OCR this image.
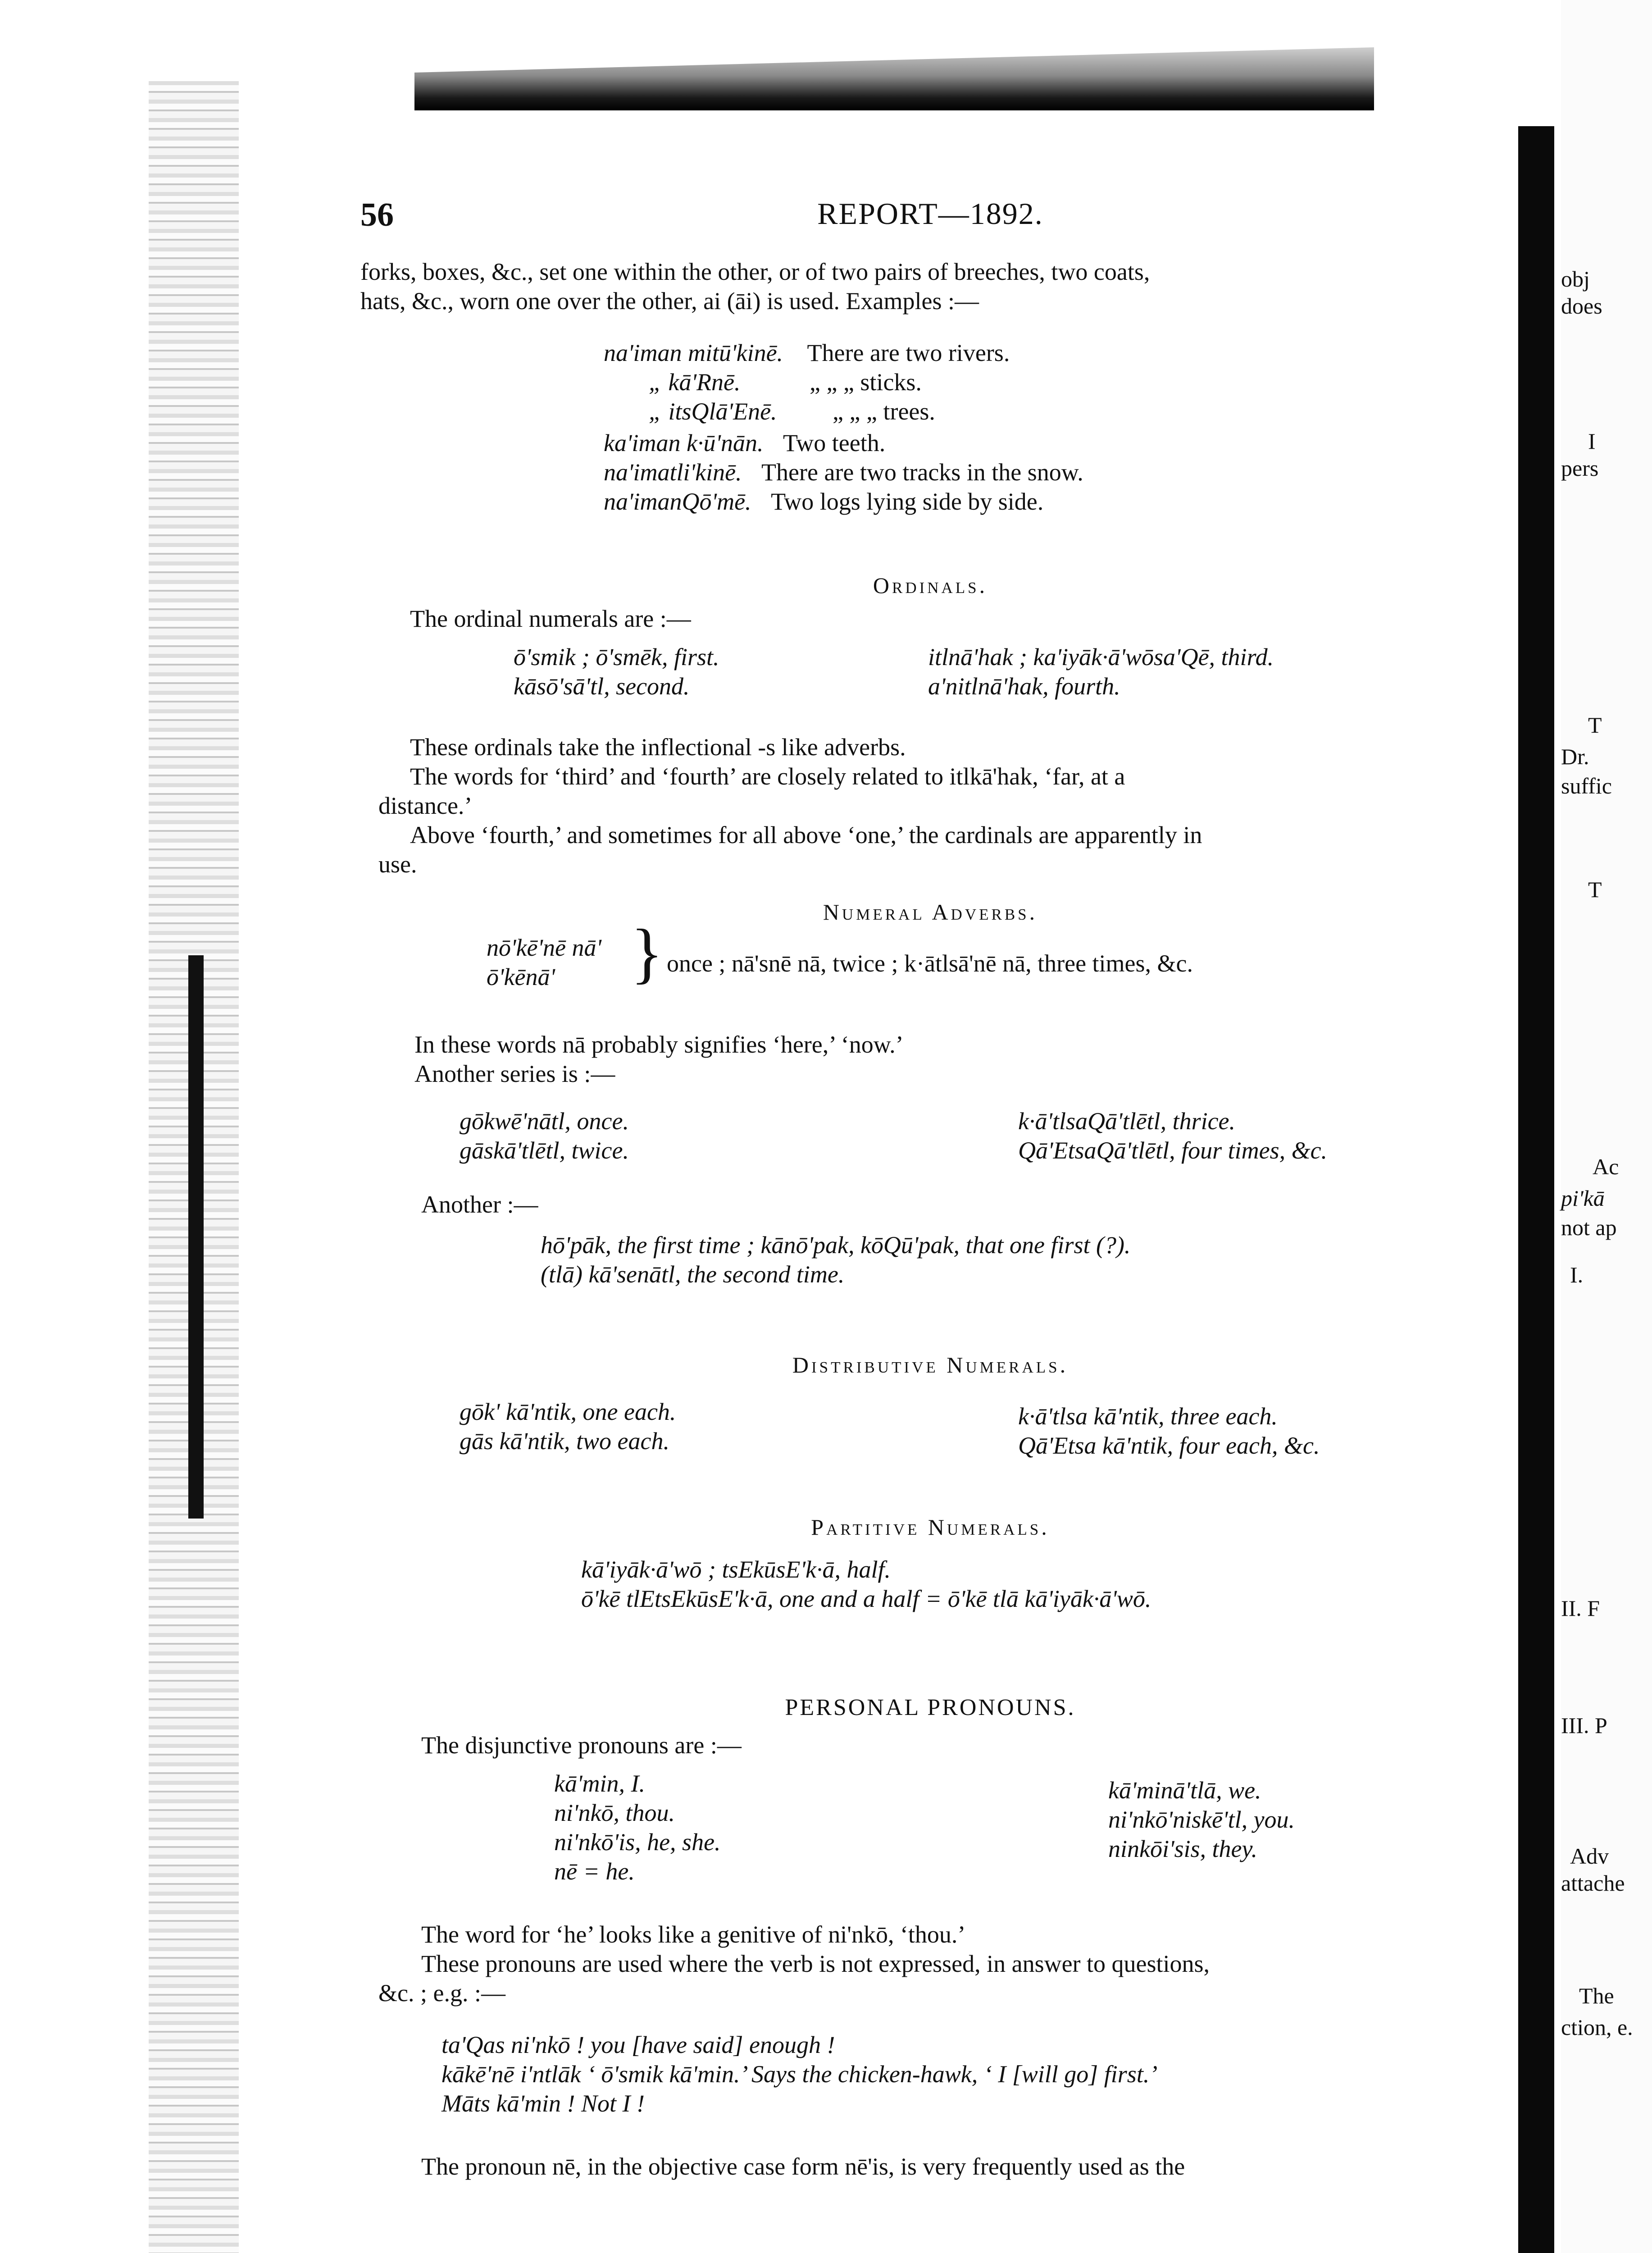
obj
does
I
pers
T
Dr.
suffic
T
Ac
pi'kā
not ap
I.
II. F
III. P
Adv
attache
The
ction, e.
56	REPORT—1892.
forks, boxes, &c., set one within the other, or of two pairs of breeches, two coats,
hats, &c., worn one over the other, ai (āi) is used. Examples :—
na'iman mitū'kinē. There are two rivers.
„ kā'Rnē.	„ „ „ sticks.
„ itsQlā'Enē. „ „ „ trees.
ka'iman k·ū'nān. Two teeth.
na'imatli'kinē. There are two tracks in the snow.
na'imanQō'mē. Two logs lying side by side.
Ordinals.
The ordinal numerals are :—
ō'smik ; ō'smēk, first.
kāsō'sā'tl, second.
itlnā'hak ; ka'iyāk·ā'wōsa'Qē, third.
a'nitlnā'hak, fourth.
These ordinals take the inflectional -s like adverbs.
The words for ‘third’ and ‘fourth’ are closely related to itlkā'hak, ‘far, at a
distance.’
Above ‘fourth,’ and sometimes for all above ‘one,’ the cardinals are apparently in
use.
Numeral Adverbs.
nō'kē'nē nā'
ō'kēnā' } once ; nā'snē nā, twice ; k·ātlsā'nē nā, three times, &c.
In these words nā probably signifies ‘here,’ ‘now.’
Another series is :—
gōkwē'nātl, once.
gāskā'tlētl, twice.
k·ā'tlsaQā'tlētl, thrice.
Qā'EtsaQā'tlētl, four times, &c.
Another :—
hō'pāk, the first time ; kānō'pak, kōQū'pak, that one first (?).
(tlā) kā'senātl, the second time.
Distributive Numerals.
gōk' kā'ntik, one each.
gās kā'ntik, two each.
k·ā'tlsa kā'ntik, three each.
Qā'Etsa kā'ntik, four each, &c.
Partitive Numerals.
kā'iyāk·ā'wō ; tsEkūsE'k·ā, half.
ō'kē tlEtsEkūsE'k·ā, one and a half = ō'kē tlā kā'iyāk·ā'wō.
PERSONAL PRONOUNS.
The disjunctive pronouns are :—
kā'min, I.
ni'nkō, thou.
ni'nkō'is, he, she.
nē = he.
kā'minā'tlā, we.
ni'nkō'niskē'tl, you.
ninkōi'sis, they.
The word for ‘he’ looks like a genitive of ni'nkō, ‘thou.’
These pronouns are used where the verb is not expressed, in answer to questions,
&c. ; e.g. :—
ta'Qas ni'nkō ! you [have said] enough !
kākē'nē i'ntlāk ‘ ō'smik kā'min.’ Says the chicken-hawk, ‘ I [will go] first.’
Māts kā'min ! Not I !
The pronoun nē, in the objective case form nē'is, is very frequently used as the
